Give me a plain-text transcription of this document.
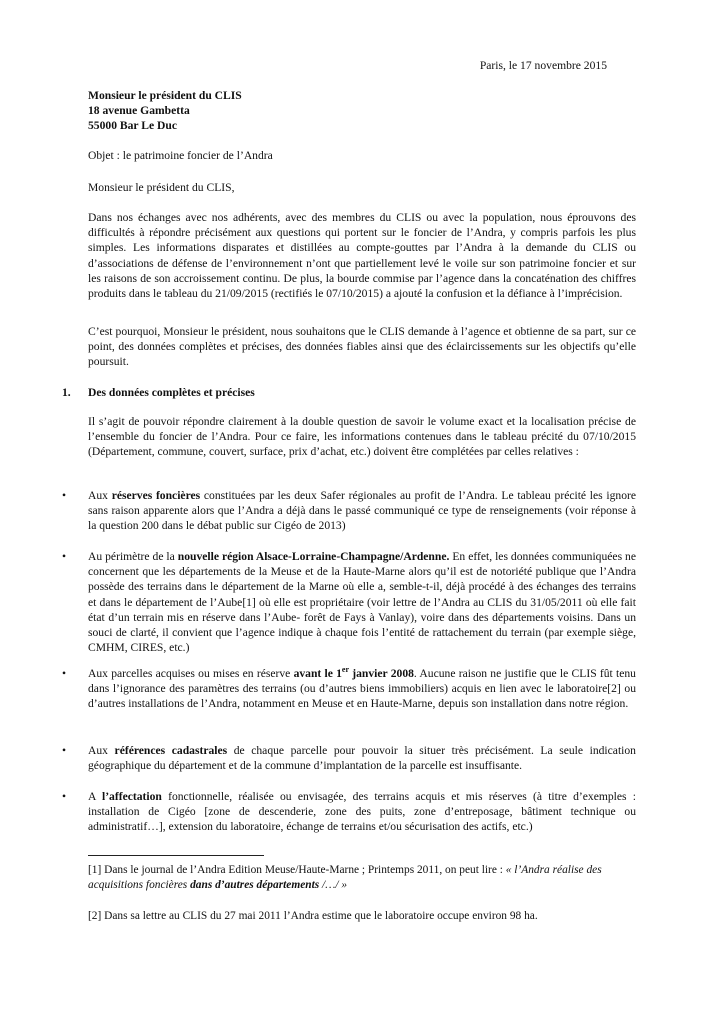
Paris, le 17 novembre 2015
Monsieur le président du CLIS
18 avenue Gambetta
55000 Bar Le Duc
Objet : le patrimoine foncier de l’Andra
Monsieur le président du CLIS,
Dans nos échanges avec nos adhérents, avec des membres du CLIS ou avec la population, nous éprouvons des difficultés à répondre précisément aux questions qui portent sur le foncier de l’Andra, y compris parfois les plus simples. Les informations disparates et distillées au compte-gouttes par l’Andra à la demande du CLIS ou d’associations de défense de l’environnement n’ont que partiellement levé le voile sur son patrimoine foncier et sur les raisons de son accroissement continu. De plus, la bourde commise par l’agence dans la concaténation des chiffres produits dans le tableau du 21/09/2015 (rectifiés le 07/10/2015) a ajouté la confusion et la défiance à l’imprécision.
C’est pourquoi, Monsieur le président, nous souhaitons que le CLIS demande à l’agence et obtienne de sa part, sur ce point, des données complètes et précises, des données fiables ainsi que des éclaircissements sur les objectifs qu’elle poursuit.
1. Des données complètes et précises
Il s’agit de pouvoir répondre clairement à la double question de savoir le volume exact et la localisation précise de l’ensemble du foncier de l’Andra. Pour ce faire, les informations contenues dans le tableau précité du 07/10/2015 (Département, commune, couvert, surface, prix d’achat, etc.) doivent être complétées par celles relatives :
•	Aux réserves foncières constituées par les deux Safer régionales au profit de l’Andra. Le tableau précité les ignore sans raison apparente alors que l’Andra a déjà dans le passé communiqué ce type de renseignements (voir réponse à la question 200 dans le débat public sur Cigéo de 2013)
•	Au périmètre de la nouvelle région Alsace-Lorraine-Champagne/Ardenne. En effet, les données communiquées ne concernent que les départements de la Meuse et de la Haute-Marne alors qu’il est de notoriété publique que l’Andra possède des terrains dans le département de la Marne où elle a, semble-t-il, déjà procédé à des échanges des terrains et dans le département de l’Aube[1] où elle est propriétaire (voir lettre de l’Andra au CLIS du 31/05/2011 où elle fait état d’un terrain mis en réserve dans l’Aube- forêt de Fays à Vanlay), voire dans des départements voisins. Dans un souci de clarté, il convient que l’agence indique à chaque fois l’entité de rattachement du terrain (par exemple siège, CMHM, CIRES, etc.)
•	Aux parcelles acquises ou mises en réserve avant le 1er janvier 2008. Aucune raison ne justifie que le CLIS fût tenu dans l’ignorance des paramètres des terrains (ou d’autres biens immobiliers) acquis en lien avec le laboratoire[2] ou d’autres installations de l’Andra, notamment en Meuse et en Haute-Marne, depuis son installation dans notre région.
•	Aux références cadastrales de chaque parcelle pour pouvoir la situer très précisément. La seule indication géographique du département et de la commune d’implantation de la parcelle est insuffisante.
•	A l’affectation fonctionnelle, réalisée ou envisagée, des terrains acquis et mis réserves (à titre d’exemples : installation de Cigéo [zone de descenderie, zone des puits, zone d’entreposage, bâtiment technique ou administratif…], extension du laboratoire, échange de terrains et/ou sécurisation des actifs, etc.)
[1] Dans le journal de l’Andra Edition Meuse/Haute-Marne ; Printemps 2011, on peut lire : « l’Andra réalise des acquisitions foncières dans d’autres départements /…/ »
[2] Dans sa lettre au CLIS du 27 mai 2011 l’Andra estime que le laboratoire occupe environ 98 ha.
